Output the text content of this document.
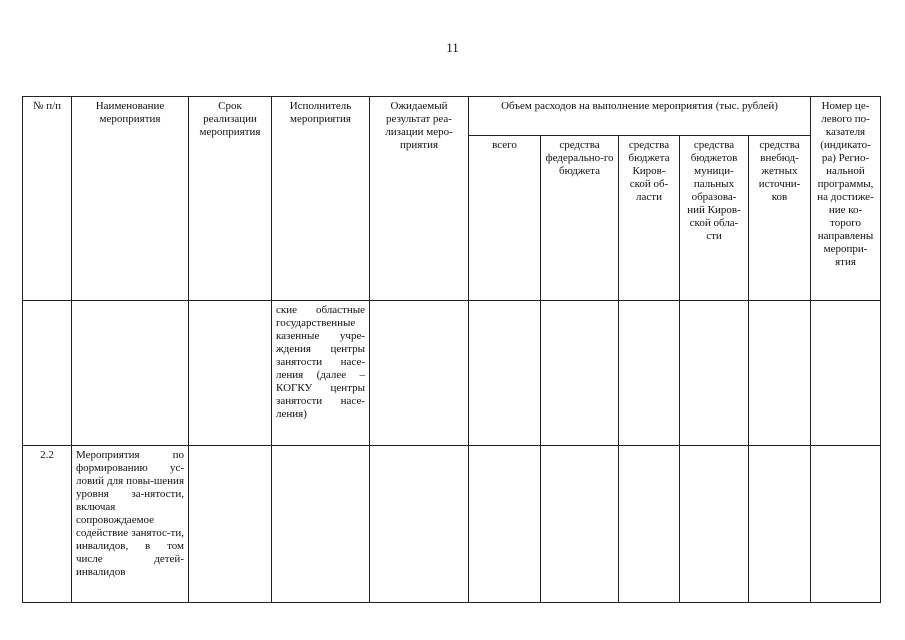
11
№ п/п	Наименование мероприятия	Срок реализации мероприятия	Исполнитель мероприятия	Ожидаемый результат реа-лизации меро-приятия	Объем расходов на выполнение мероприятия (тыс. рублей)					Номер це-левого по-казателя (индикато-ра) Регио-нальной программы, на достиже-ние ко-торого направлены меропри-ятия
					всего	средства федерально-го бюджета	средства бюджета Киров-ской об-ласти	средства бюджетов муници-пальных образова-ний Киров-ской обла-сти	средства внебюд-жетных источни-ков	
			ские областные государственные казенные учре-ждения центры занятости насе-ления (далее – КОГКУ центры занятости насе-ления)							
2.2	Мероприятия по формированию ус-ловий для повы-шения уровня за-нятости, включая сопровождаемое содействие занятос-ти, инвалидов, в том числе детей-инвалидов									
